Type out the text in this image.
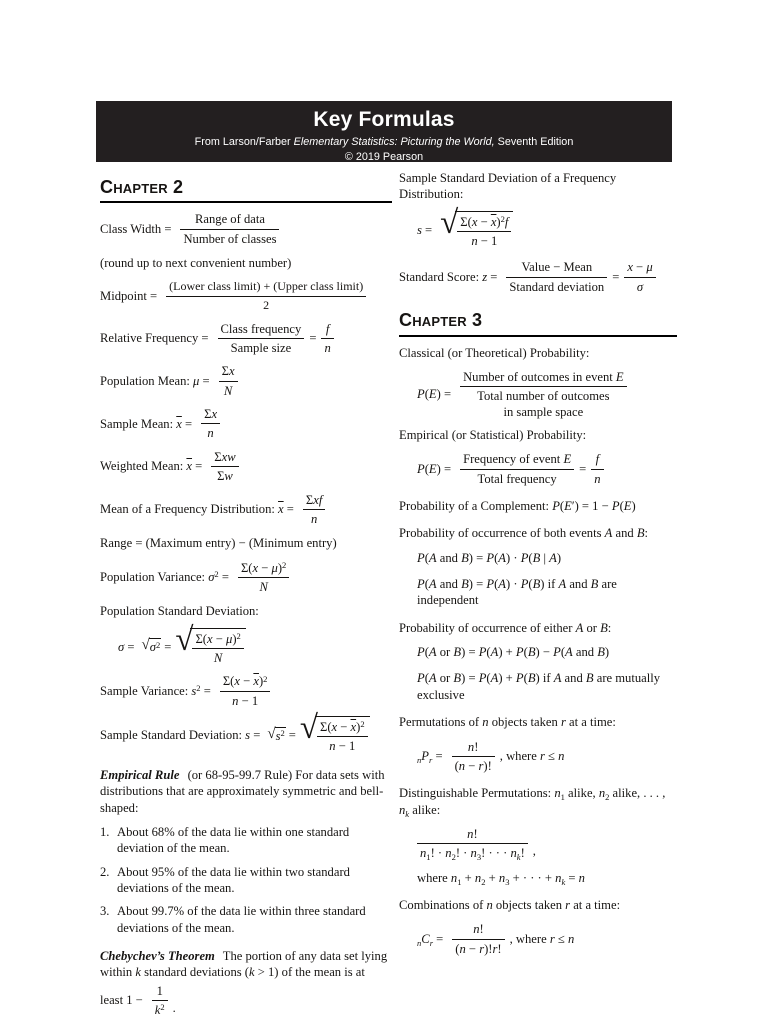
Key Formulas
From Larson/Farber Elementary Statistics: Picturing the World, Seventh Edition
© 2019 Pearson
Chapter 2
Class Width = $\frac{\text{Range of data}}{\text{Number of classes}}$
(round up to next convenient number)
Midpoint = $\frac{\text{(Lower class limit) + (Upper class limit)}}{2}$
Relative Frequency = $\frac{\text{Class frequency}}{\text{Sample size}} = \frac{f}{n}$
Population Mean: $\mu = \frac{\Sigma x}{N}$
Sample Mean: $\overline{x} = \frac{\Sigma x}{n}$
Weighted Mean: $\overline{x} = \frac{\text{Σxw}}{\Sigma w}$
Mean of a Frequency Distribution: $\overline{x} = \frac{\text{Σxf}}{n}$
Range = (Maximum entry) − (Minimum entry)
Population Variance: $\sigma^2 = \frac{\Sigma(x - \mu)^2}{N}$
Population Standard Deviation:
σ = √ $\sigma^2$ = √ $\frac{\Sigma(x - \mu)^2}{N}$
Sample Variance: $s^2 = \frac{\Sigma(x - \overline{x})^2}{n - 1}$
Sample Standard Deviation: s = √ $s^2$ = √ $\frac{\Sigma(x - \overline{x})^2}{n - 1}$
Empirical Rule (or 68-95-99.7 Rule) For data sets with distributions that are approximately symmetric and bell-shaped:
1. About 68% of the data lie within one standard deviation of the mean.
2. About 95% of the data lie within two standard deviations of the mean.
3. About 99.7% of the data lie within three standard deviations of the mean.
Chebychev’s Theorem The portion of any data set lying within k standard deviations (k > 1) of the mean is at
least $1 - \frac{1}{k^2}$ .
Sample Standard Deviation of a Frequency Distribution:
s = √ $\frac{\Sigma(x - \overline{x})^2f}{n - 1}$
Standard Score: $z = \frac{\text{Value − Mean}}{\text{Standard deviation}} = \frac{x - \mu}{\sigma}$
Chapter 3
Classical (or Theoretical) Probability:
P(E) =
Number of outcomes in event E
Total number of outcomes
in sample space
Empirical (or Statistical) Probability:
$P(E) = \frac{\text{Frequency of event E}}{\text{Total frequency}} = \frac{f}{n}$
Probability of a Complement: P(E′) = 1 − P(E)
Probability of occurrence of both events A and B:
P(A and B) = P(A) · P(B | A)
P(A and B) = P(A) · P(B) if A and B are independent
Probability of occurrence of either A or B:
P(A or B) = P(A) + P(B) − P(A and B)
P(A or B) = P(A) + P(B) if A and B are mutually exclusive
Permutations of n objects taken r at a time:
$_nP_r = \frac{n!}{(n - r)!}$ , where r ≤ n
Distinguishable Permutations: $n_1$ alike, $n_2$ alike, . . . , $n_k$ alike:
$\frac{n!}{n_1! \cdot n_2! \cdot n_3! \cdot \cdot \cdot n_k!}$ ,
where $n_1 + n_2 + n_3$ + · · · + $n_k = n$
Combinations of n objects taken r at a time:
$_nC_r = \frac{n!}{(n - r)!r!}$ , where r ≤ n
